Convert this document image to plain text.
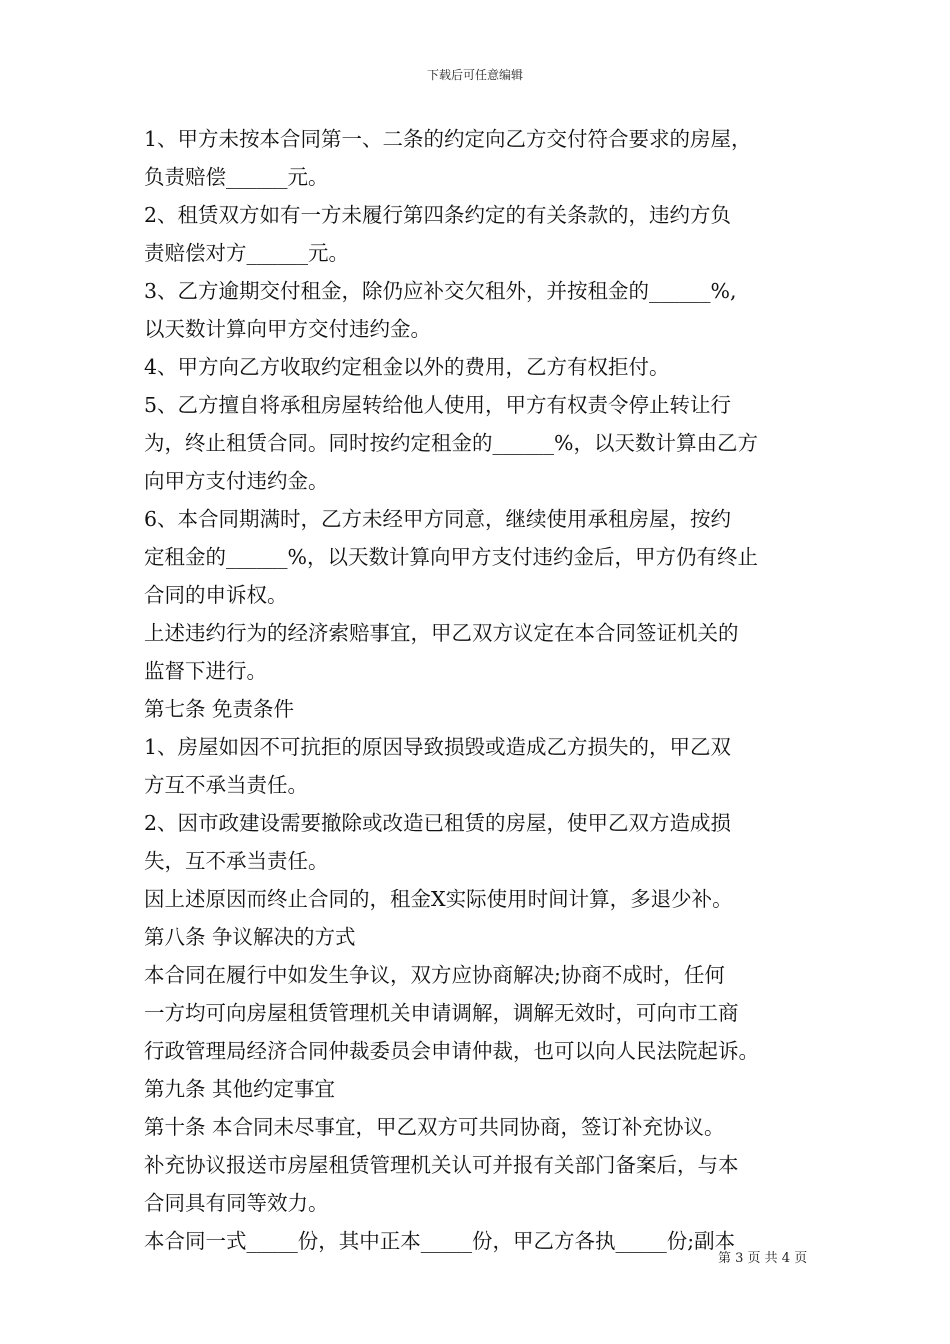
下载后可任意编辑
1、甲方未按本合同第一、二条的约定向乙方交付符合要求的房屋，
负责赔偿______元。
2、租赁双方如有一方未履行第四条约定的有关条款的，违约方负
责赔偿对方______元。
3、乙方逾期交付租金，除仍应补交欠租外，并按租金的______%,
以天数计算向甲方交付违约金。
4、甲方向乙方收取约定租金以外的费用，乙方有权拒付。
5、乙方擅自将承租房屋转给他人使用，甲方有权责令停止转让行
为，终止租赁合同。同时按约定租金的______%，以天数计算由乙方
向甲方支付违约金。
6、本合同期满时，乙方未经甲方同意，继续使用承租房屋，按约
定租金的______%，以天数计算向甲方支付违约金后，甲方仍有终止
合同的申诉权。
上述违约行为的经济索赔事宜，甲乙双方议定在本合同签证机关的
监督下进行。
第七条 免责条件
1、房屋如因不可抗拒的原因导致损毁或造成乙方损失的，甲乙双
方互不承当责任。
2、因市政建设需要撤除或改造已租赁的房屋，使甲乙双方造成损
失，互不承当责任。
因上述原因而终止合同的，租金X实际使用时间计算，多退少补。
第八条 争议解决的方式
本合同在履行中如发生争议，双方应协商解决;协商不成时，任何
一方均可向房屋租赁管理机关申请调解，调解无效时，可向市工商
行政管理局经济合同仲裁委员会申请仲裁，也可以向人民法院起诉。
第九条 其他约定事宜
第十条 本合同未尽事宜，甲乙双方可共同协商，签订补充协议。
补充协议报送市房屋租赁管理机关认可并报有关部门备案后，与本
合同具有同等效力。
本合同一式_____份，其中正本_____份，甲乙方各执_____份;副本
第 3 页 共 4 页
